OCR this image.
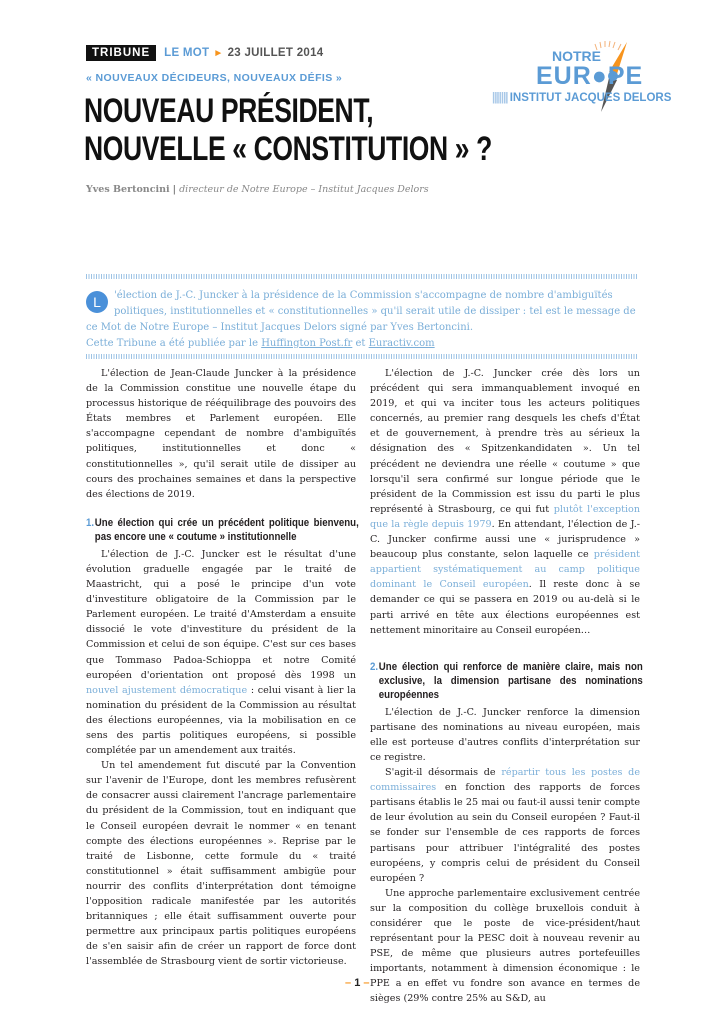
TRIBUNE	LE MOT ► 23 JUILLET 2014
« NOUVEAUX DÉCIDEURS, NOUVEAUX DÉFIS »
NOUVEAU PRÉSIDENT,
NOUVELLE « CONSTITUTION » ?
Yves Bertoncini | directeur de Notre Europe – Institut Jacques Delors
NOTRE
EUR●PE
||||||| INSTITUT JACQUES DELORS
L	'élection de J.-C. Juncker à la présidence de la Commission s'accompagne de nombre d'ambiguïtés politiques, institutionnelles et « constitutionnelles » qu'il serait utile de dissiper : tel est le message de ce Mot de Notre Europe – Institut Jacques Delors signé par Yves Bertoncini.
Cette Tribune a été publiée par le Huffington Post.fr et Euractiv.com

L'élection de Jean-Claude Juncker à la présidence de la Commission constitue une nouvelle étape du processus historique de rééquilibrage des pouvoirs des États membres et Parlement européen. Elle s'accompagne cependant de nombre d'ambiguïtés politiques, institutionnelles et donc « constitutionnelles », qu'il serait utile de dissiper au cours des prochaines semaines et dans la perspective des élections de 2019.

1. Une élection qui crée un précédent politique bienvenu, pas encore une « coutume » institutionnelle

L'élection de J.-C. Juncker est le résultat d'une évolution graduelle engagée par le traité de Maastricht, qui a posé le principe d'un vote d'investiture obligatoire de la Commission par le Parlement européen. Le traité d'Amsterdam a ensuite dissocié le vote d'investiture du président de la Commission et celui de son équipe. C'est sur ces bases que Tommaso Padoa-Schioppa et notre Comité européen d'orientation ont proposé dès 1998 un nouvel ajustement démocratique : celui visant à lier la nomination du président de la Commission au résultat des élections européennes, via la mobilisation en ce sens des partis politiques européens, si possible complétée par un amendement aux traités.

Un tel amendement fut discuté par la Convention sur l'avenir de l'Europe, dont les membres refusèrent de consacrer aussi clairement l'ancrage parlementaire du président de la Commission, tout en indiquant que le Conseil européen devrait le nommer « en tenant compte des élections européennes ». Reprise par le traité de Lisbonne, cette formule du « traité constitutionnel » était suffisamment ambigüe pour nourrir des conflits d'interprétation dont témoigne l'opposition radicale manifestée par les autorités britanniques ; elle était suffisamment ouverte pour permettre aux principaux partis politiques européens de s'en saisir afin de créer un rapport de force dont l'assemblée de Strasbourg vient de sortir victorieuse.

L'élection de J.-C. Juncker crée dès lors un précédent qui sera immanquablement invoqué en 2019, et qui va inciter tous les acteurs politiques concernés, au premier rang desquels les chefs d'État et de gouvernement, à prendre très au sérieux la désignation des « Spitzenkandidaten ». Un tel précédent ne deviendra une réelle « coutume » que lorsqu'il sera confirmé sur longue période que le président de la Commission est issu du parti le plus représenté à Strasbourg, ce qui fut plutôt l'exception que la règle depuis 1979. En attendant, l'élection de J.-C. Juncker confirme aussi une « jurisprudence » beaucoup plus constante, selon laquelle ce président appartient systématiquement au camp politique dominant le Conseil européen. Il reste donc à se demander ce qui se passera en 2019 ou au-delà si le parti arrivé en tête aux élections européennes est nettement minoritaire au Conseil européen…

2. Une élection qui renforce de manière claire, mais non exclusive, la dimension partisane des nominations européennes

L'élection de J.-C. Juncker renforce la dimension partisane des nominations au niveau européen, mais elle est porteuse d'autres conflits d'interprétation sur ce registre.

S'agit-il désormais de répartir tous les postes de commissaires en fonction des rapports de forces partisans établis le 25 mai ou faut-il aussi tenir compte de leur évolution au sein du Conseil européen ? Faut-il se fonder sur l'ensemble de ces rapports de forces partisans pour attribuer l'intégralité des postes européens, y compris celui de président du Conseil européen ?

Une approche parlementaire exclusivement centrée sur la composition du collège bruxellois conduit à considérer que le poste de vice-président/haut représentant pour la PESC doit à nouveau revenir au PSE, de même que plusieurs autres portefeuilles importants, notamment à dimension économique : le PPE a en effet vu fondre son avance en termes de sièges (29% contre 25% au S&D, au

– 1 –
